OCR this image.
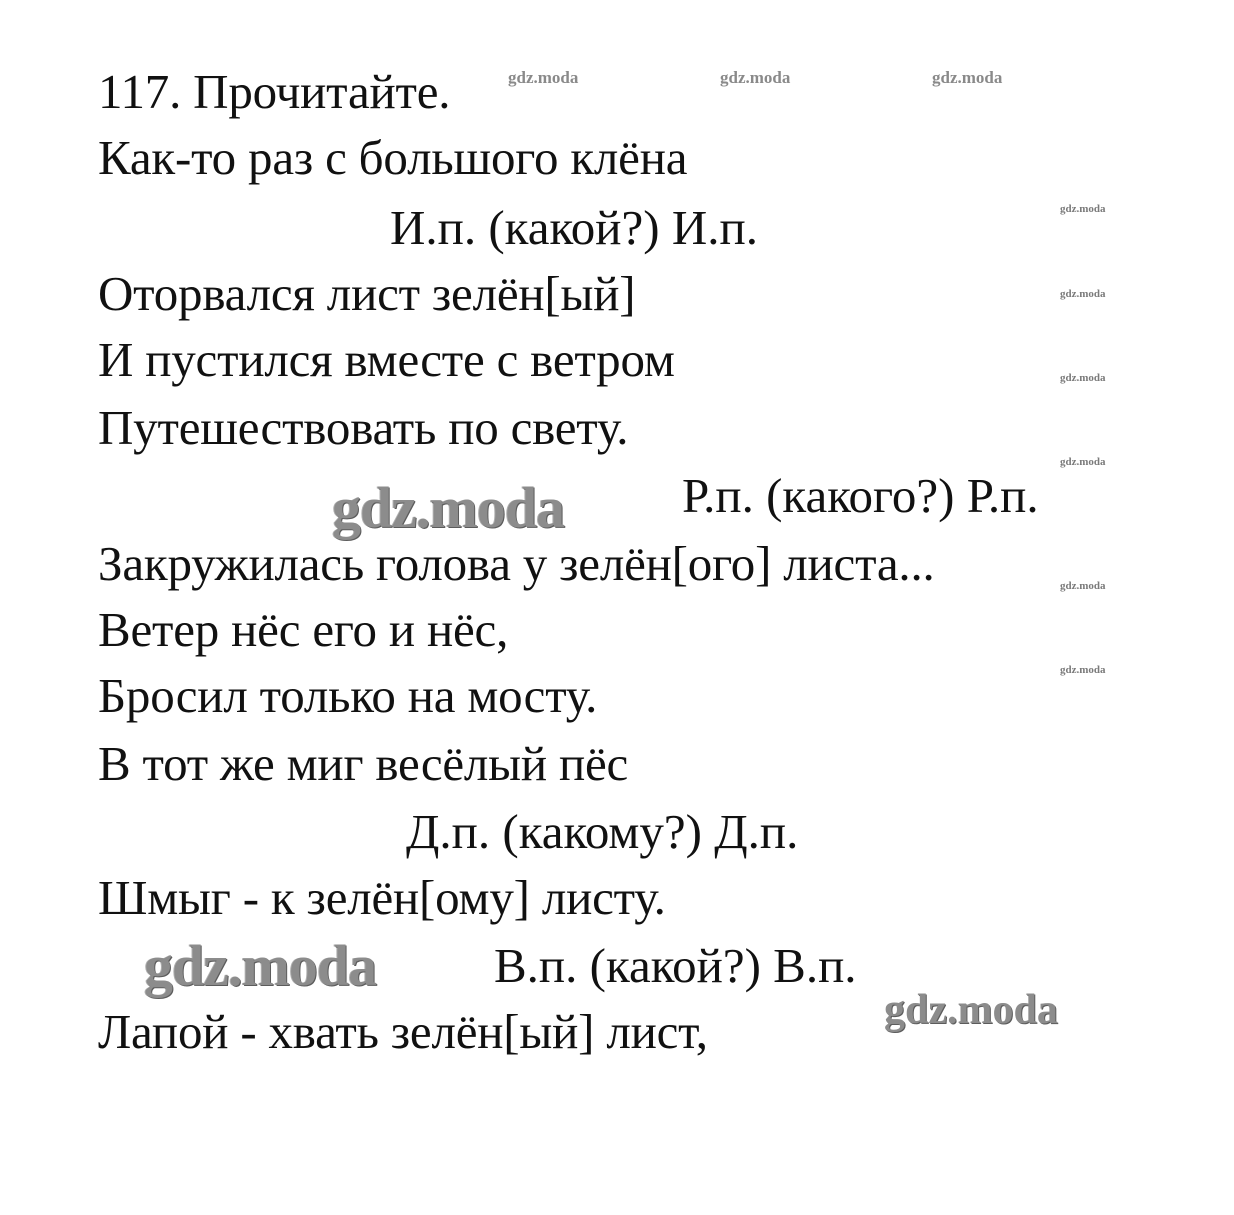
gdz.moda	gdz.moda	gdz.moda
gdz.moda
gdz.moda
gdz.moda
gdz.moda
gdz.moda
gdz.moda
gdz.moda
gdz.moda
gdz.moda
117. Прочитайте.
Как-то раз с большого клёна
И.п. (какой?) И.п.
Оторвался лист зелён[ый]
И пустился вместе с ветром
Путешествовать по свету.
Р.п. (какого?) Р.п.
Закружилась голова у зелён[ого] листа...
Ветер нёс его и нёс,
Бросил только на мосту.
В тот же миг весёлый пёс
Д.п. (какому?) Д.п.
Шмыг - к зелён[ому] листу.
В.п. (какой?) В.п.
Лапой - хвать зелён[ый] лист,
